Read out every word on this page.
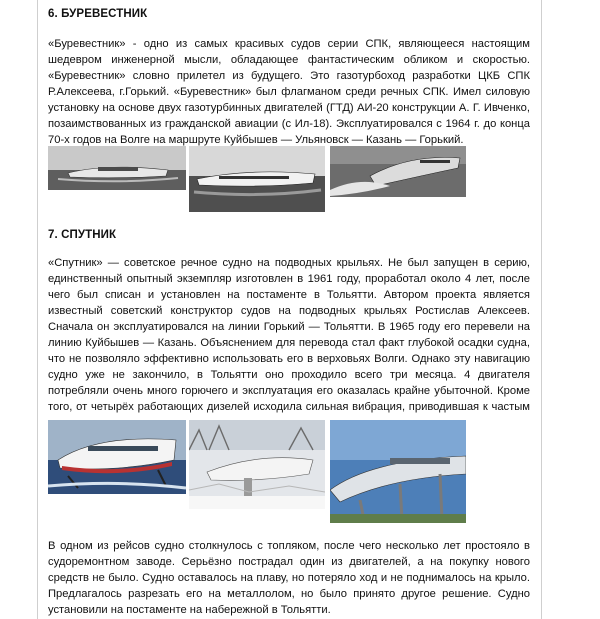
6. БУРЕВЕСТНИК
«Буревестник» - одно из самых красивых судов серии СПК, являющееся настоящим шедевром инженерной мысли, обладающее фантастическим обликом и скоростью. «Буревестник» словно прилетел из будущего. Это газотурбоход разработки ЦКБ СПК Р.Алексеева, г.Горький. «Буревестник» был флагманом среди речных СПК. Имел силовую установку на основе двух газотурбинных двигателей (ГТД) АИ-20 конструкции А. Г. Ивченко, позаимствованных из гражданской авиации (с Ил-18). Эксплуатировался с 1964 г. до конца 70-х годов на Волге на маршруте Куйбышев — Ульяновск — Казань — Горький.
7. СПУТНИК
«Спутник» — советское речное судно на подводных крыльях. Не был запущен в серию, единственный опытный экземпляр изготовлен в 1961 году, проработал около 4 лет, после чего был списан и установлен на постаменте в Тольятти. Автором проекта является известный советский конструктор судов на подводных крыльях Ростислав Алексеев. Сначала он эксплуатировался на линии Горький — Тольятти. В 1965 году его перевели на линию Куйбышев — Казань. Объяснением для перевода стал факт глубокой осадки судна, что не позволяло эффективно использовать его в верховьях Волги. Однако эту навигацию судно уже не закончило, в Тольятти оно проходило всего три месяца. 4 двигателя потребляли очень много горючего и эксплуатация его оказалась крайне убыточной. Кроме того, от четырёх работающих дизелей исходила сильная вибрация, приводившая к частым
В одном из рейсов судно столкнулось с топляком, после чего несколько лет простояло в судоремонтном заводе. Серьёзно пострадал один из двигателей, а на покупку нового средств не было. Судно оставалось на плаву, но потеряло ход и не поднималось на крыло. Предлагалось разрезать его на металлолом, но было принято другое решение. Судно установили на постаменте на набережной в Тольятти.
